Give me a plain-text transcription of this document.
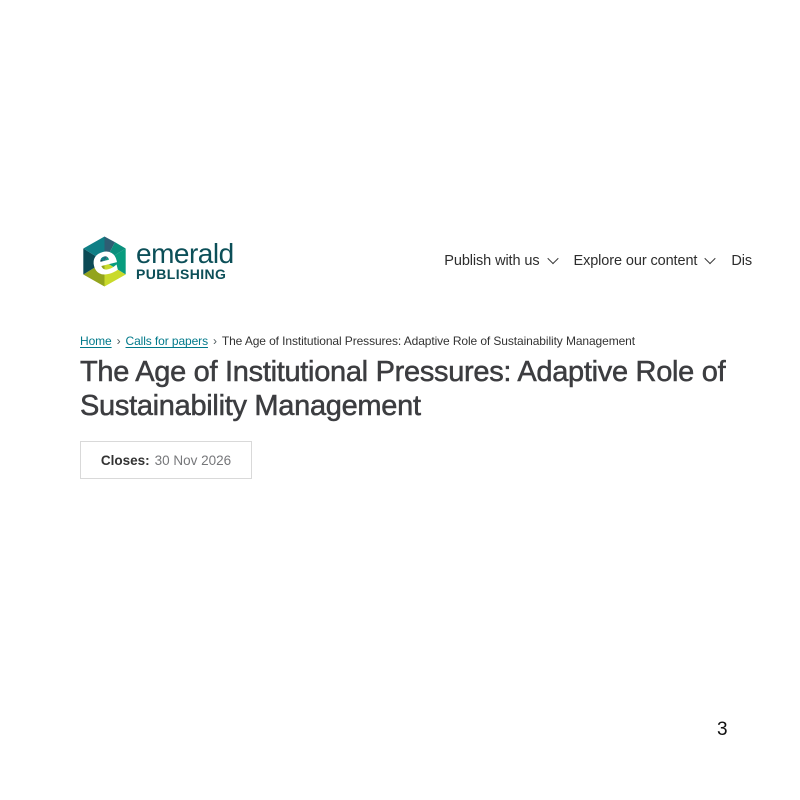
e emerald
PUBLISHING
Publish with us Explore our content Dis
Home › Calls for papers › The Age of Institutional Pressures: Adaptive Role of Sustainability Management
The Age of Institutional Pressures: Adaptive Role of Sustainability Management
Closes: 30 Nov 2026
3
